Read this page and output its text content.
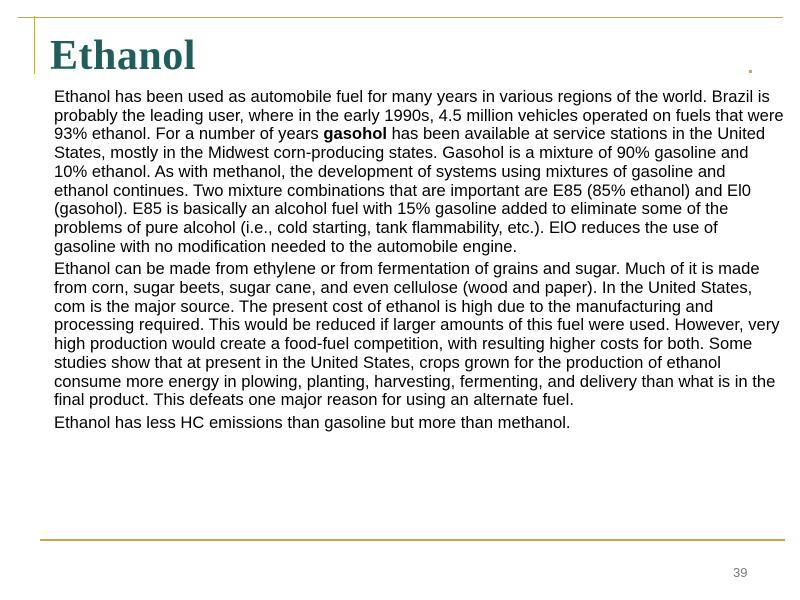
Ethanol

Ethanol has been used as automobile fuel for many years in various regions of the world. Brazil is probably the leading user, where in the early 1990s, 4.5 million vehicles operated on fuels that were 93% ethanol. For a number of years gasohol has been available at service stations in the United States, mostly in the Midwest corn-producing states. Gasohol is a mixture of 90% gasoline and 10% ethanol. As with methanol, the development of systems using mixtures of gasoline and ethanol continues. Two mixture combinations that are important are E85 (85% ethanol) and El0 (gasohol). E85 is basically an alcohol fuel with 15% gasoline added to eliminate some of the problems of pure alcohol (i.e., cold starting, tank flammability, etc.). ElO reduces the use of gasoline with no modification needed to the automobile engine.

Ethanol can be made from ethylene or from fermentation of grains and sugar. Much of it is made from corn, sugar beets, sugar cane, and even cellulose (wood and paper). In the United States, com is the major source. The present cost of ethanol is high due to the manufacturing and processing required. This would be reduced if larger amounts of this fuel were used. However, very high production would create a food-fuel competition, with resulting higher costs for both. Some studies show that at present in the United States, crops grown for the production of ethanol consume more energy in plowing, planting, harvesting, fermenting, and delivery than what is in the final product. This defeats one major reason for using an alternate fuel.

Ethanol has less HC emissions than gasoline but more than methanol.

39
